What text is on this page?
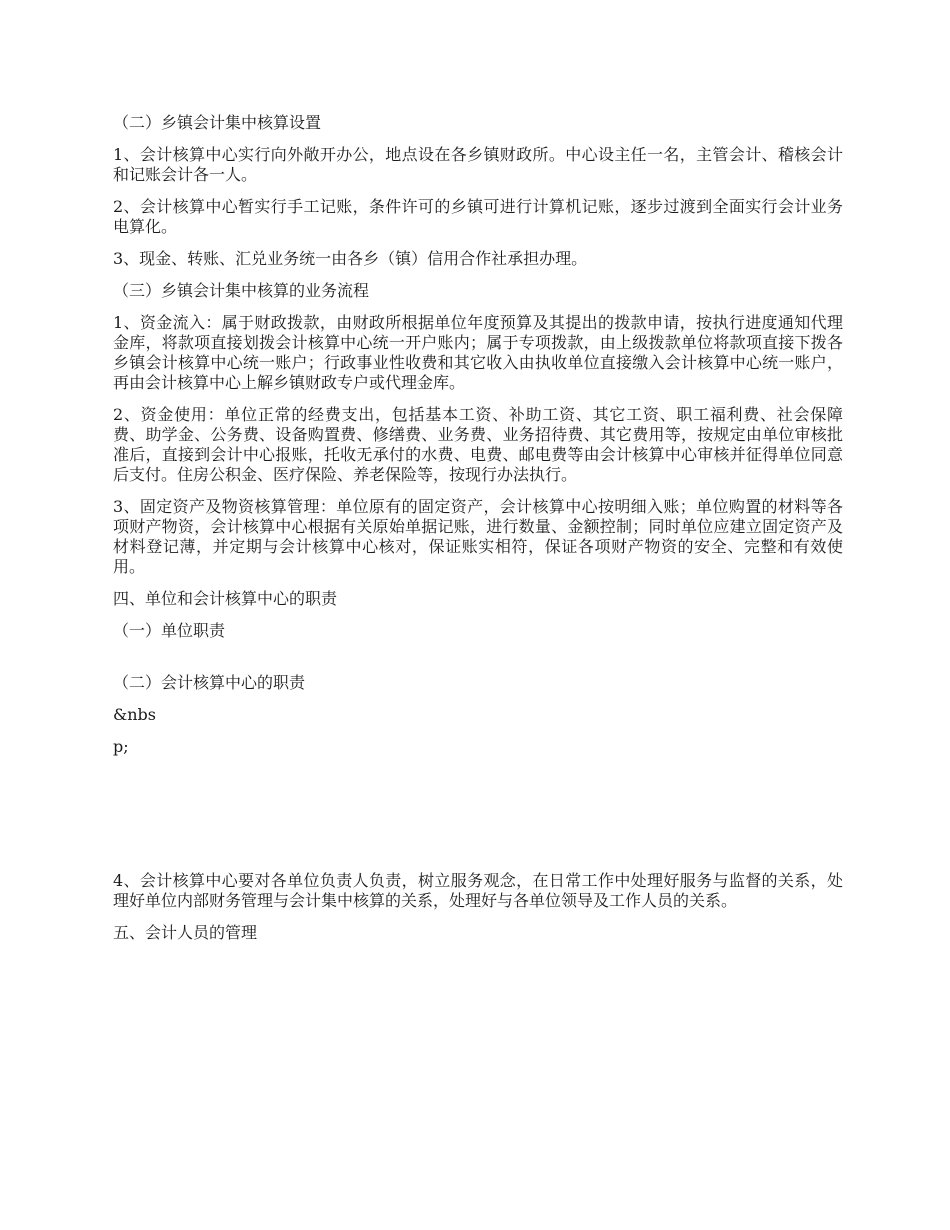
（二）乡镇会计集中核算设置

1、会计核算中心实行向外敞开办公，地点设在各乡镇财政所。中心设主任一名，主管会计、稽核会计和记账会计各一人。

2、会计核算中心暂实行手工记账，条件许可的乡镇可进行计算机记账，逐步过渡到全面实行会计业务电算化。

3、现金、转账、汇兑业务统一由各乡（镇）信用合作社承担办理。

（三）乡镇会计集中核算的业务流程

1、资金流入：属于财政拨款，由财政所根据单位年度预算及其提出的拨款申请，按执行进度通知代理金库，将款项直接划拨会计核算中心统一开户账内；属于专项拨款，由上级拨款单位将款项直接下拨各乡镇会计核算中心统一账户；行政事业性收费和其它收入由执收单位直接缴入会计核算中心统一账户，再由会计核算中心上解乡镇财政专户或代理金库。

2、资金使用：单位正常的经费支出，包括基本工资、补助工资、其它工资、职工福利费、社会保障费、助学金、公务费、设备购置费、修缮费、业务费、业务招待费、其它费用等，按规定由单位审核批准后，直接到会计中心报账，托收无承付的水费、电费、邮电费等由会计核算中心审核并征得单位同意后支付。住房公积金、医疗保险、养老保险等，按现行办法执行。

3、固定资产及物资核算管理：单位原有的固定资产，会计核算中心按明细入账；单位购置的材料等各项财产物资，会计核算中心根据有关原始单据记账，进行数量、金额控制；同时单位应建立固定资产及材料登记薄，并定期与会计核算中心核对，保证账实相符，保证各项财产物资的安全、完整和有效使用。

四、单位和会计核算中心的职责

（一）单位职责

（二）会计核算中心的职责

&nbs

p;

4、会计核算中心要对各单位负责人负责，树立服务观念，在日常工作中处理好服务与监督的关系，处理好单位内部财务管理与会计集中核算的关系，处理好与各单位领导及工作人员的关系。

五、会计人员的管理
